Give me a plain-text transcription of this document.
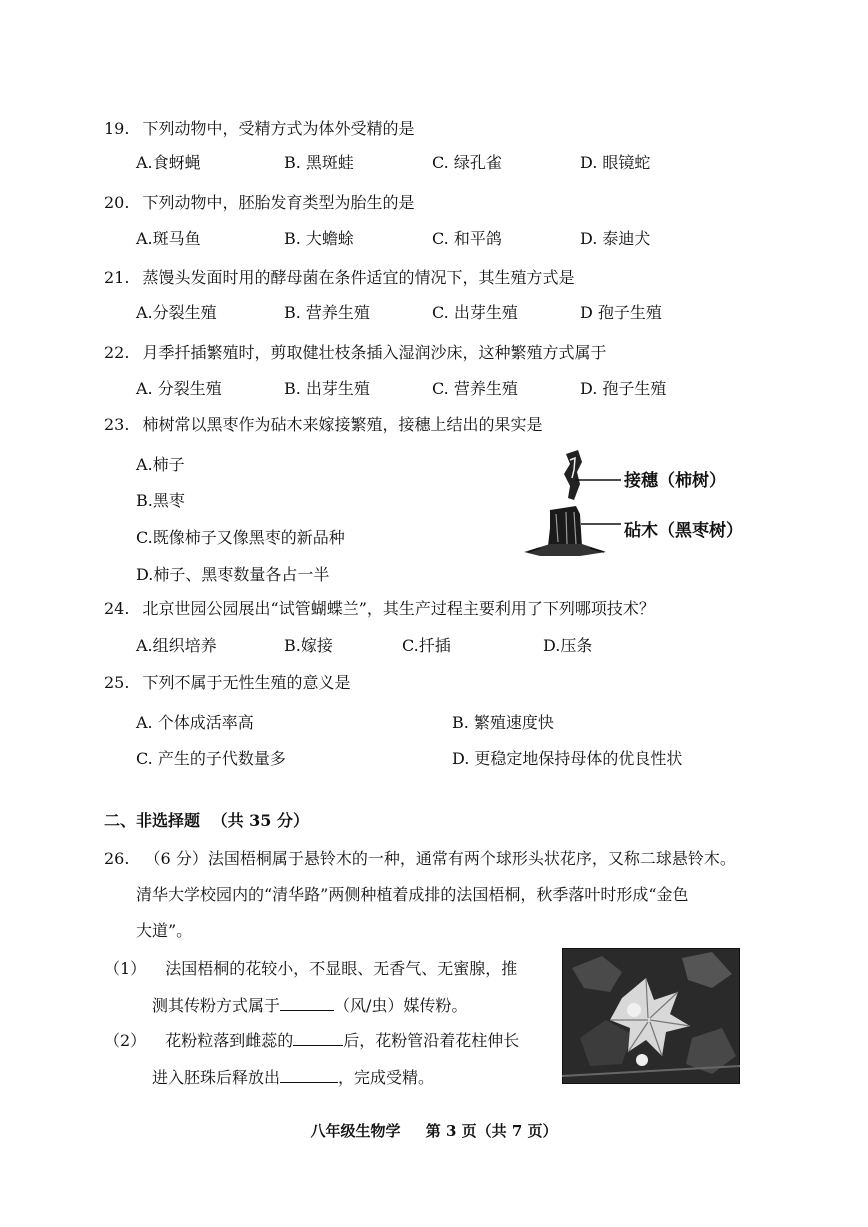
19. 下列动物中，受精方式为体外受精的是
A.食蚜蝇	B. 黑斑蛙	C. 绿孔雀	D. 眼镜蛇
20. 下列动物中，胚胎发育类型为胎生的是
A.斑马鱼	B. 大蟾蜍	C. 和平鸽	D. 泰迪犬
21. 蒸馒头发面时用的酵母菌在条件适宜的情况下，其生殖方式是
A.分裂生殖	B. 营养生殖	C. 出芽生殖	D 孢子生殖
22. 月季扦插繁殖时，剪取健壮枝条插入湿润沙床，这种繁殖方式属于
A. 分裂生殖	B. 出芽生殖	C. 营养生殖	D. 孢子生殖
23. 柿树常以黑枣作为砧木来嫁接繁殖，接穗上结出的果实是
A.柿子
B.黑枣
C.既像柿子又像黑枣的新品种
D.柿子、黑枣数量各占一半
接穗（柿树）
砧木（黑枣树）
24. 北京世园公园展出“试管蝴蝶兰”，其生产过程主要利用了下列哪项技术？
A.组织培养	B.嫁接	C.扦插	D.压条
25. 下列不属于无性生殖的意义是
A. 个体成活率高	B. 繁殖速度快
C. 产生的子代数量多	D. 更稳定地保持母体的优良性状
二、非选择题 （共 35 分）
26. （6 分）法国梧桐属于悬铃木的一种，通常有两个球形头状花序，又称二球悬铃木。
清华大学校园内的“清华路”两侧种植着成排的法国梧桐，秋季落叶时形成“金色
大道”。
（1） 法国梧桐的花较小，不显眼、无香气、无蜜腺，推
测其传粉方式属于	（风/虫）媒传粉。
（2） 花粉粒落到雌蕊的	后，花粉管沿着花柱伸长
进入胚珠后释放出	，完成受精。
八年级生物学 第 3 页（共 7 页）
